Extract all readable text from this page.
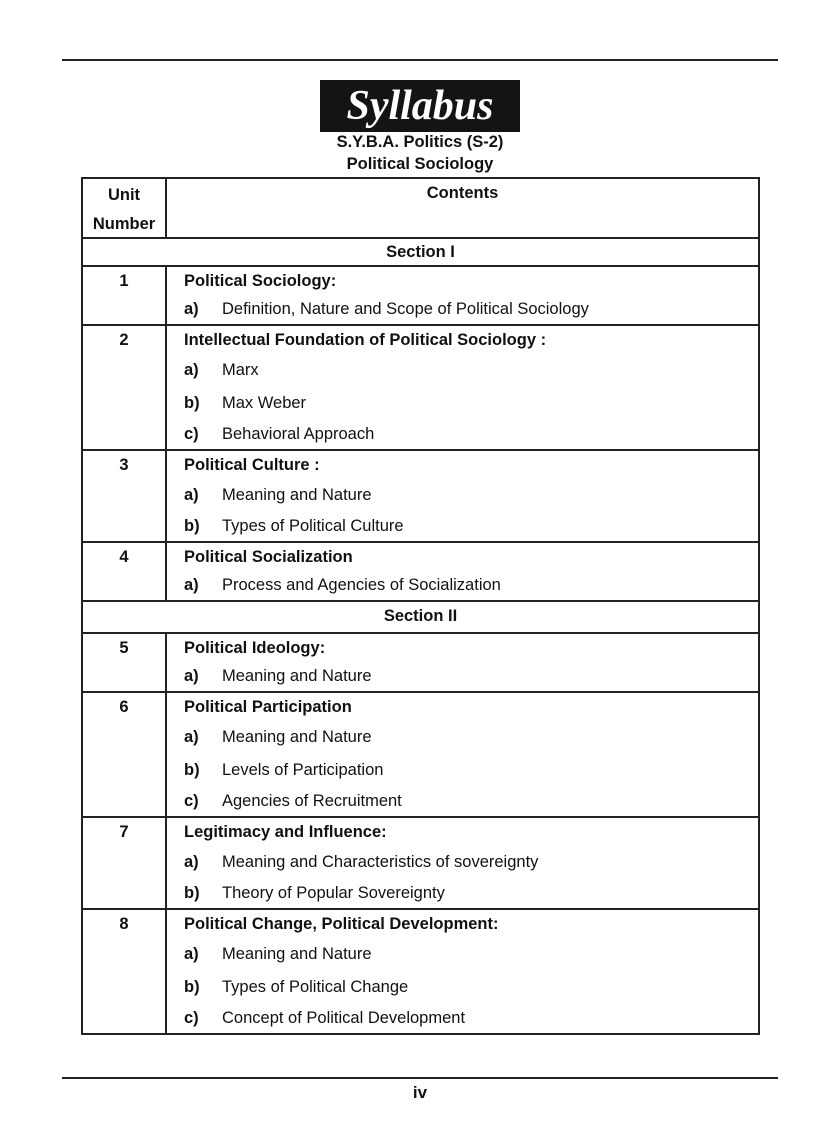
Syllabus
S.Y.B.A. Politics (S-2)
Political Sociology
Unit
Number	Contents
Section I	
1	Political Sociology:
a) Definition, Nature and Scope of Political Sociology

2	Intellectual Foundation of Political Sociology :
a) Marx
b) Max Weber
c) Behavioral Approach

3	Political Culture :
a) Meaning and Nature
b) Types of Political Culture

4	Political Socialization
a) Process and Agencies of Socialization

Section II	
5	Political Ideology:
a) Meaning and Nature

6	Political Participation
a) Meaning and Nature
b) Levels of Participation
c) Agencies of Recruitment

7	Legitimacy and Influence:
a) Meaning and Characteristics of sovereignty
b) Theory of Popular Sovereignty

8	Political Change, Political Development:
a) Meaning and Nature
b) Types of Political Change
c) Concept of Political Development
iv
